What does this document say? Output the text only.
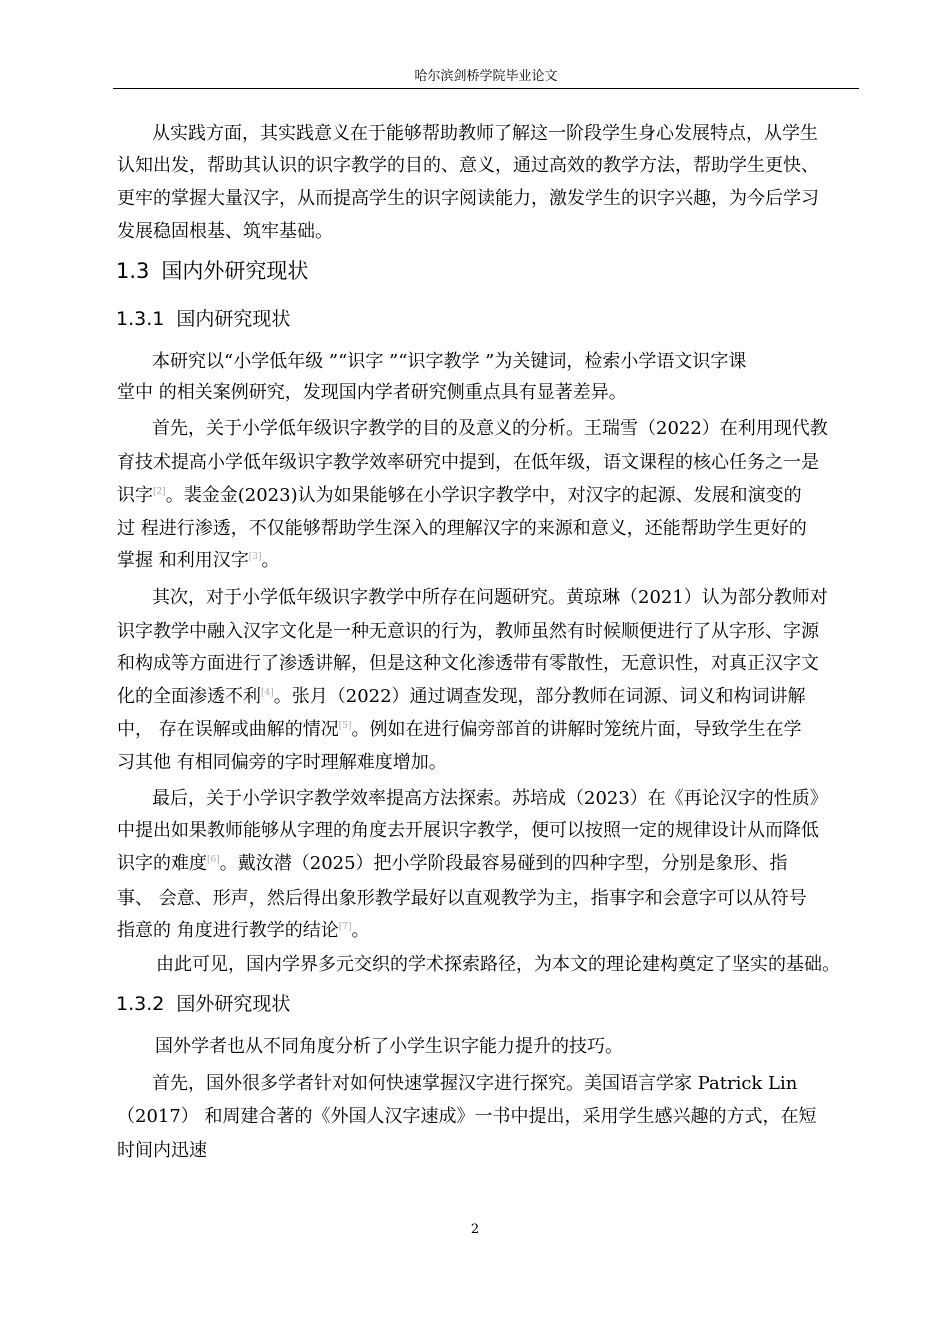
哈尔滨剑桥学院毕业论文
从实践方面，其实践意义在于能够帮助教师了解这一阶段学生身心发展特点，从学生
认知出发，帮助其认识的识字教学的目的、意义，通过高效的教学方法，帮助学生更快、
更牢的掌握大量汉字，从而提高学生的识字阅读能力，激发学生的识字兴趣，为今后学习
发展稳固根基、筑牢基础。
1.3 国内外研究现状
1.3.1 国内研究现状
本研究以“小学低年级 ”“识字 ”“识字教学 ”为关键词，检索小学语文识字课
堂中 的相关案例研究，发现国内学者研究侧重点具有显著差异。
首先，关于小学低年级识字教学的目的及意义的分析。王瑞雪（2022）在利用现代教
育技术提高小学低年级识字教学效率研究中提到，在低年级，语文课程的核心任务之一是
识字[2]。裴金金(2023)认为如果能够在小学识字教学中，对汉字的起源、发展和演变的
过 程进行渗透，不仅能够帮助学生深入的理解汉字的来源和意义，还能帮助学生更好的
掌握 和利用汉字[3]。
其次，对于小学低年级识字教学中所存在问题研究。黄琼琳（2021）认为部分教师对
识字教学中融入汉字文化是一种无意识的行为，教师虽然有时候顺便进行了从字形、字源
和构成等方面进行了渗透讲解，但是这种文化渗透带有零散性，无意识性，对真正汉字文
化的全面渗透不利[4]。张月（2022）通过调查发现，部分教师在词源、词义和构词讲解
中， 存在误解或曲解的情况[5]。例如在进行偏旁部首的讲解时笼统片面，导致学生在学
习其他 有相同偏旁的字时理解难度增加。
最后，关于小学识字教学效率提高方法探索。苏培成（2023）在《再论汉字的性质》
中提出如果教师能够从字理的角度去开展识字教学，便可以按照一定的规律设计从而降低
识字的难度[6]。戴汝潜（2025）把小学阶段最容易碰到的四种字型，分别是象形、指
事、 会意、形声，然后得出象形教学最好以直观教学为主，指事字和会意字可以从符号
指意的 角度进行教学的结论[7]。
由此可见，国内学界多元交织的学术探索路径，为本文的理论建构奠定了坚实的基础。
1.3.2 国外研究现状
国外学者也从不同角度分析了小学生识字能力提升的技巧。
首先，国外很多学者针对如何快速掌握汉字进行探究。美国语言学家 Patrick Lin
（2017） 和周建合著的《外国人汉字速成》一书中提出，采用学生感兴趣的方式，在短
时间内迅速
2
